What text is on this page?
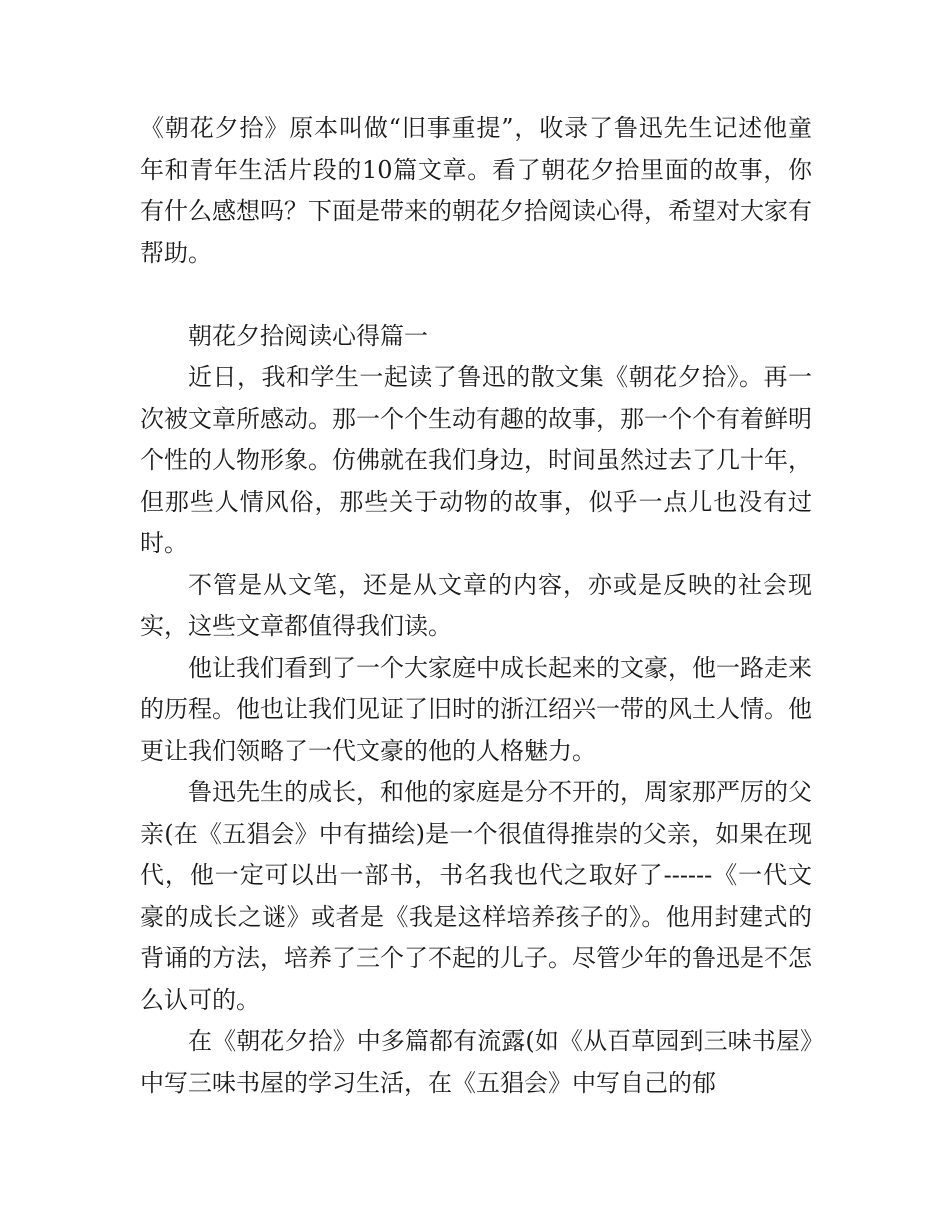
《朝花夕拾》原本叫做“旧事重提”，收录了鲁迅先生记述他童年和青年生活片段的10篇文章。看了朝花夕拾里面的故事，你有什么感想吗？下面是带来的朝花夕拾阅读心得，希望对大家有帮助。

朝花夕拾阅读心得篇一

近日，我和学生一起读了鲁迅的散文集《朝花夕拾》。再一次被文章所感动。那一个个生动有趣的故事，那一个个有着鲜明个性的人物形象。仿佛就在我们身边，时间虽然过去了几十年，但那些人情风俗，那些关于动物的故事，似乎一点儿也没有过时。

不管是从文笔，还是从文章的内容，亦或是反映的社会现实，这些文章都值得我们读。

他让我们看到了一个大家庭中成长起来的文豪，他一路走来的历程。他也让我们见证了旧时的浙江绍兴一带的风土人情。他更让我们领略了一代文豪的他的人格魅力。

鲁迅先生的成长，和他的家庭是分不开的，周家那严厉的父亲(在《五猖会》中有描绘)是一个很值得推崇的父亲，如果在现代，他一定可以出一部书，书名我也代之取好了------《一代文豪的成长之谜》或者是《我是这样培养孩子的》。他用封建式的背诵的方法，培养了三个了不起的儿子。尽管少年的鲁迅是不怎么认可的。

在《朝花夕拾》中多篇都有流露(如《从百草园到三味书屋》中写三味书屋的学习生活，在《五猖会》中写自己的郁
